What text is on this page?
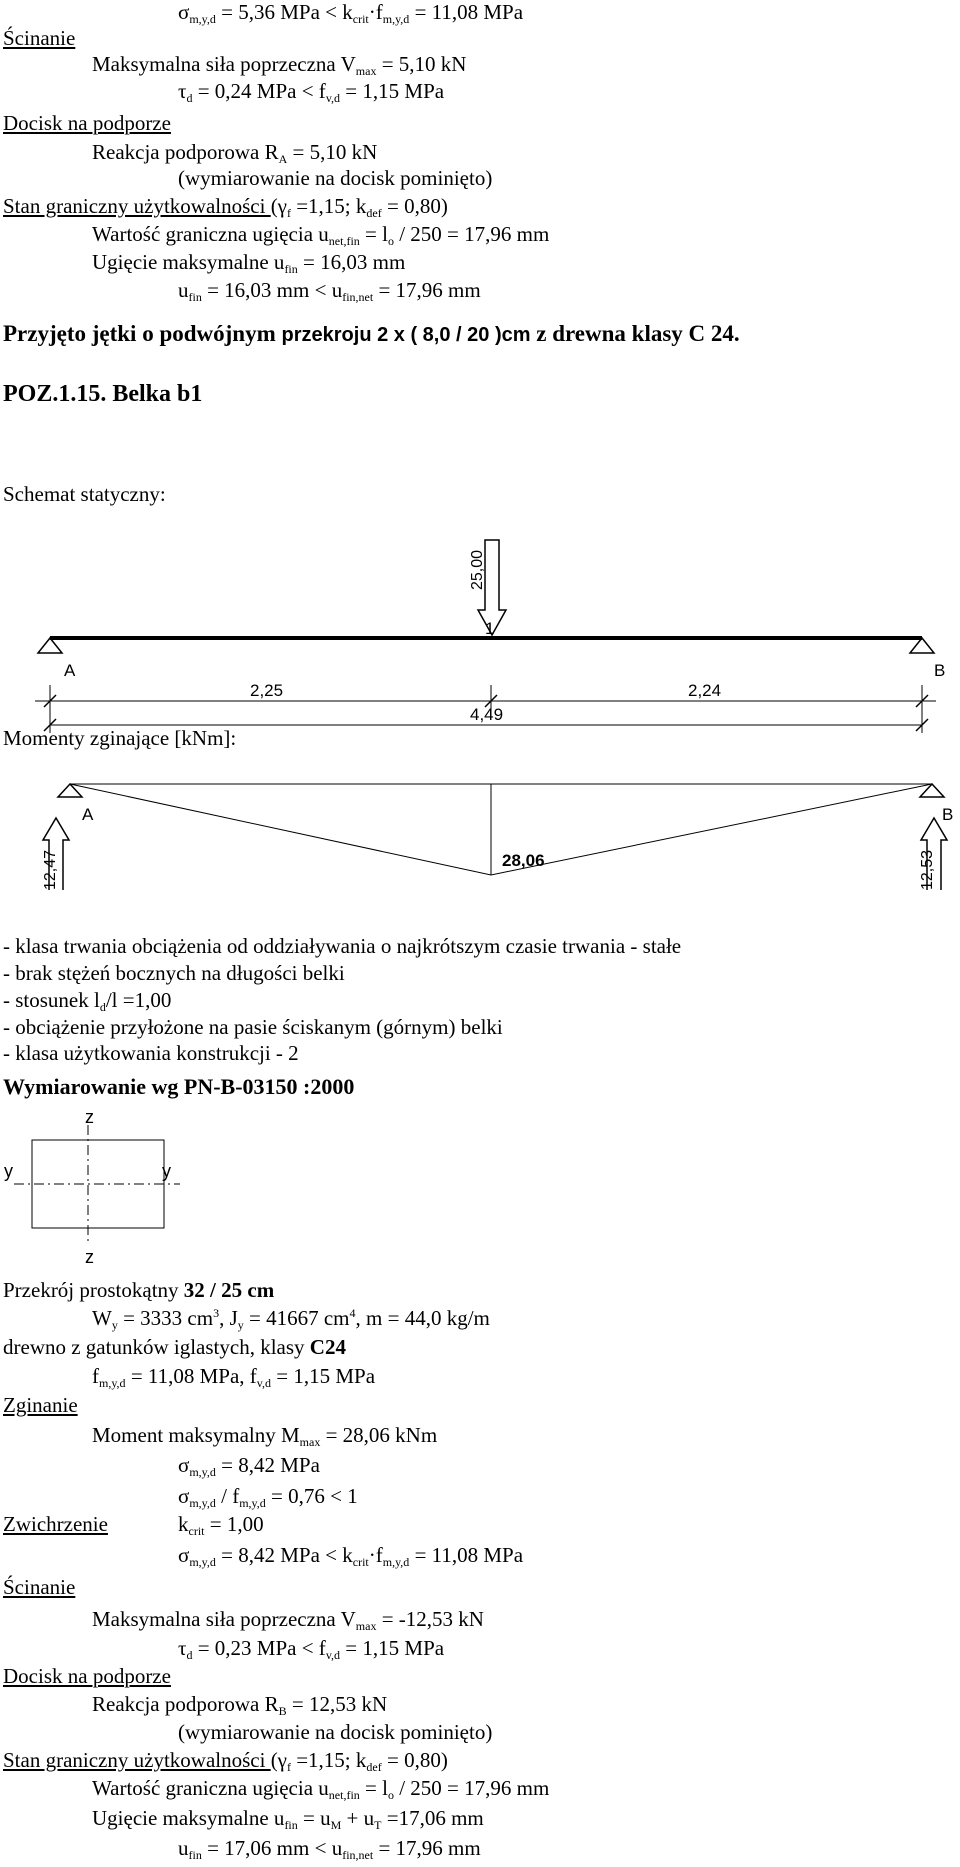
$\sigma_{m,y,d} = 5,36$ MPa < $k_{crit}\cdot f_{m,y,d} = 11,08$ MPa
Ścinanie
Maksymalna siła poprzeczna $V_{max} = 5,10$ kN
$\tau_d = 0,24$ MPa < $f_{v,d} = 1,15$ MPa
Docisk na podporze
Reakcja podporowa $R_A = 5,10$ kN
(wymiarowanie na docisk pominięto)
Stan graniczny użytkowalności ($\gamma_f =1,15$; $k_{def} = 0,80$)
Wartość graniczna ugięcia $u_{net,fin} = l_o / 250 = 17,96$ mm
Ugięcie maksymalne $u_{fin} = 16,03$ mm
$u_{fin} = 16,03$ mm < $u_{fin,net} = 17,96$ mm
Przyjęto jętki o podwójnym przekroju 2 x ( 8,0 / 20 )cm z drewna klasy C 24.
POZ.1.15. Belka b1
Schemat statyczny:
25,00
A	B
1
2,25	2,24
4,49
Momenty zginające [kNm]:
A	B
28,06
12,47	12,53
- klasa trwania obciążenia od oddziaływania o najkrótszym czasie trwania - stałe
- brak stężeń bocznych na długości belki
- stosunek $l_d/l =1,00$
- obciążenie przyłożone na pasie ściskanym (górnym) belki
- klasa użytkowania konstrukcji - 2
Wymiarowanie wg PN-B-03150 :2000
z
z
y	y
Przekrój prostokątny 32 / 25 cm
$W_y = 3333$ $cm^3$, $J_y = 41667$ $cm^4$, m = 44,0 kg/m
drewno z gatunków iglastych, klasy C24
$f_{m,y,d} = 11,08$ MPa, $f_{v,d} = 1,15$ MPa
Zginanie
Moment maksymalny $M_{max} = 28,06$ kNm
$\sigma_{m,y,d} = 8,42$ MPa
$\sigma_{m,y,d} / f_{m,y,d} = 0,76 < 1$
Zwichrzenie	$k_{crit} = 1,00$
$\sigma_{m,y,d} = 8,42$ MPa < $k_{crit}\cdot f_{m,y,d} = 11,08$ MPa
Ścinanie
Maksymalna siła poprzeczna $V_{max} = -12,53$ kN
$\tau_d = 0,23$ MPa < $f_{v,d} = 1,15$ MPa
Docisk na podporze
Reakcja podporowa $R_B = 12,53$ kN
(wymiarowanie na docisk pominięto)
Stan graniczny użytkowalności ($\gamma_f =1,15$; $k_{def} = 0,80$)
Wartość graniczna ugięcia $u_{net,fin} = l_o / 250 = 17,96$ mm
Ugięcie maksymalne $u_{fin} = u_M + u_T =17,06$ mm
$u_{fin} = 17,06$ mm < $u_{fin,net} = 17,96$ mm
